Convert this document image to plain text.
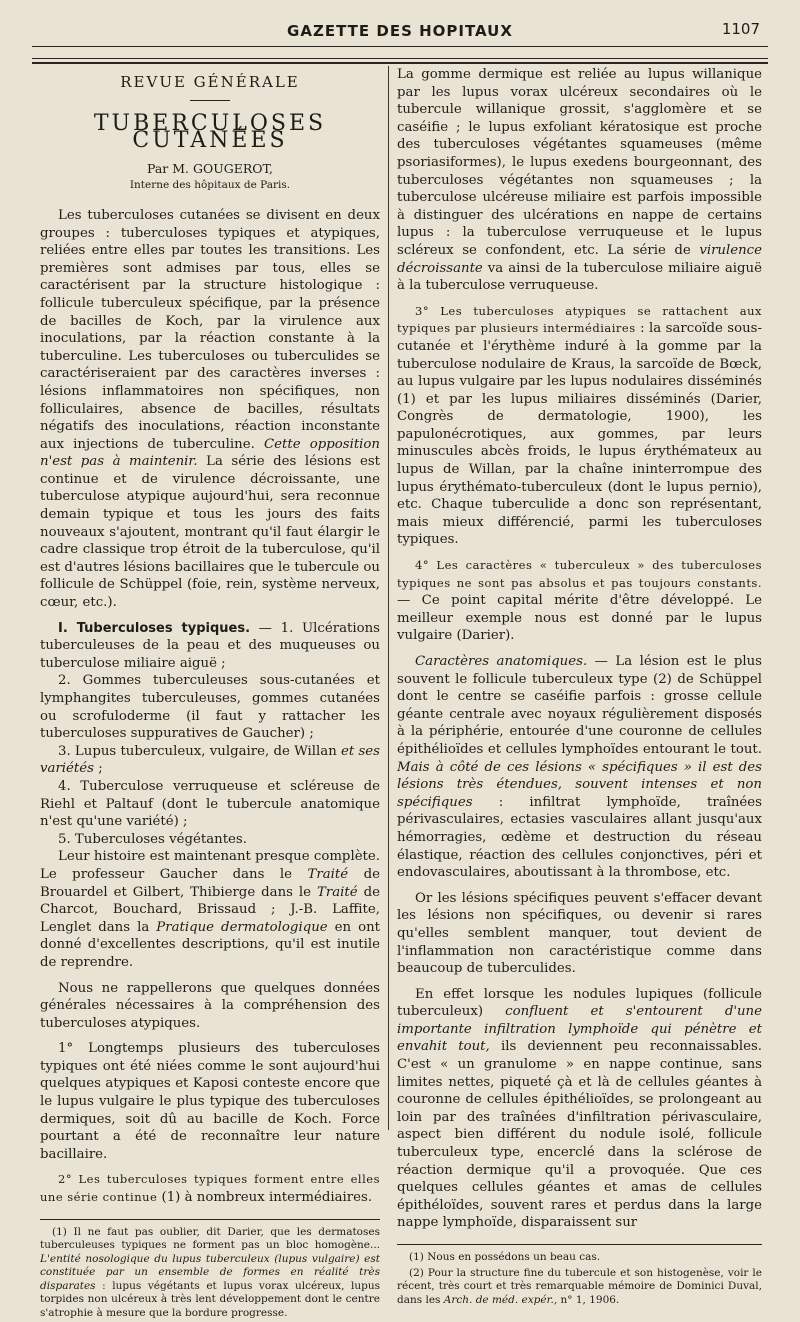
GAZETTE DES HOPITAUX	1107
REVUE GÉNÉRALE
TUBERCULOSES CUTANÉES
Par M. GOUGEROT,
Interne des hôpitaux de Paris.

Les tuberculoses cutanées se divisent en deux groupes : tuberculoses typiques et atypiques, reliées entre elles par toutes les transitions. Les premières sont admises par tous, elles se caractérisent par la structure histologique : follicule tuberculeux spécifique, par la présence de bacilles de Koch, par la virulence aux inoculations, par la réaction constante à la tuberculine. Les tuberculoses ou tuberculides se caractériseraient par des caractères inverses : lésions inflammatoires non spécifiques, non folliculaires, absence de bacilles, résultats négatifs des inoculations, réaction inconstante aux injections de tuberculine. Cette opposition n'est pas à maintenir. La série des lésions est continue et de virulence décroissante, une tuberculose atypique aujourd'hui, sera reconnue demain typique et tous les jours des faits nouveaux s'ajoutent, montrant qu'il faut élargir le cadre classique trop étroit de la tuberculose, qu'il est d'autres lésions bacillaires que le tubercule ou follicule de Schüppel (foie, rein, système nerveux, cœur, etc.).

I. Tuberculoses typiques. — 1. Ulcérations tuberculeuses de la peau et des muqueuses ou tuberculose miliaire aiguë ;

2. Gommes tuberculeuses sous-cutanées et lymphangites tuberculeuses, gommes cutanées ou scrofuloderme (il faut y rattacher les tuberculoses suppuratives de Gaucher) ;

3. Lupus tuberculeux, vulgaire, de Willan et ses variétés ;

4. Tuberculose verruqueuse et scléreuse de Riehl et Paltauf (dont le tubercule anatomique n'est qu'une variété) ;

5. Tuberculoses végétantes.

Leur histoire est maintenant presque complète. Le professeur Gaucher dans le Traité de Brouardel et Gilbert, Thibierge dans le Traité de Charcot, Bouchard, Brissaud ; J.-B. Laffite, Lenglet dans la Pratique dermatologique en ont donné d'excellentes descriptions, qu'il est inutile de reprendre.

Nous ne rappellerons que quelques données générales nécessaires à la compréhension des tuberculoses atypiques.

1° Longtemps plusieurs des tuberculoses typiques ont été niées comme le sont aujourd'hui quelques atypiques et Kaposi conteste encore que le lupus vulgaire le plus typique des tuberculoses dermiques, soit dû au bacille de Koch. Force pourtant a été de reconnaître leur nature bacillaire.

2° Les tuberculoses typiques forment entre elles une série continue (1) à nombreux intermédiaires.

(1) Il ne faut pas oublier, dit Darier, que les dermatoses tuberculeuses typiques ne forment pas un bloc homogène... L'entité nosologique du lupus tuberculeux (lupus vulgaire) est constituée par un ensemble de formes en réalité très disparates : lupus végétants et lupus vorax ulcéreux, lupus torpides non ulcéreux à très lent développement dont le centre s'atrophie à mesure que la bordure progresse.

La gomme dermique est reliée au lupus willanique par les lupus vorax ulcéreux secondaires où le tubercule willanique grossit, s'agglomère et se caséifie ; le lupus exfoliant kératosique est proche des tuberculoses végétantes squameuses (même psoriasiformes), le lupus exedens bourgeonnant, des tuberculoses végétantes non squameuses ; la tuberculose ulcéreuse miliaire est parfois impossible à distinguer des ulcérations en nappe de certains lupus : la tuberculose verruqueuse et le lupus scléreux se confondent, etc. La série de virulence décroissante va ainsi de la tuberculose miliaire aiguë à la tuberculose verruqueuse.

3° Les tuberculoses atypiques se rattachent aux typiques par plusieurs intermédiaires : la sarcoïde sous-cutanée et l'érythème induré à la gomme par la tuberculose nodulaire de Kraus, la sarcoïde de Bœck, au lupus vulgaire par les lupus nodulaires disséminés (1) et par les lupus miliaires disséminés (Darier, Congrès de dermatologie, 1900), les papulonécrotiques, aux gommes, par leurs minuscules abcès froids, le lupus érythémateux au lupus de Willan, par la chaîne ininterrompue des lupus érythémato-tuberculeux (dont le lupus pernio), etc. Chaque tuberculide a donc son représentant, mais mieux différencié, parmi les tuberculoses typiques.

4° Les caractères « tuberculeux » des tuberculoses typiques ne sont pas absolus et pas toujours constants. — Ce point capital mérite d'être développé. Le meilleur exemple nous est donné par le lupus vulgaire (Darier).

Caractères anatomiques. — La lésion est le plus souvent le follicule tuberculeux type (2) de Schüppel dont le centre se caséifie parfois : grosse cellule géante centrale avec noyaux régulièrement disposés à la périphérie, entourée d'une couronne de cellules épithélioïdes et cellules lymphoïdes entourant le tout. Mais à côté de ces lésions « spécifiques » il est des lésions très étendues, souvent intenses et non spécifiques : infiltrat lymphoïde, traînées périvasculaires, ectasies vasculaires allant jusqu'aux hémorragies, œdème et destruction du réseau élastique, réaction des cellules conjonctives, péri et endovasculaires, aboutissant à la thrombose, etc.

Or les lésions spécifiques peuvent s'effacer devant les lésions non spécifiques, ou devenir si rares qu'elles semblent manquer, tout devient de l'inflammation non caractéristique comme dans beaucoup de tuberculides.

En effet lorsque les nodules lupiques (follicule tuberculeux) confluent et s'entourent d'une importante infiltration lymphoïde qui pénètre et envahit tout, ils deviennent peu reconnaissables. C'est « un granulome » en nappe continue, sans limites nettes, piqueté çà et là de cellules géantes à couronne de cellules épithélioïdes, se prolongeant au loin par des traînées d'infiltration périvasculaire, aspect bien différent du nodule isolé, follicule tuberculeux type, encerclé dans la sclérose de réaction dermique qu'il a provoquée. Que ces quelques cellules géantes et amas de cellules épithéloïdes, souvent rares et perdus dans la large nappe lymphoïde, disparaissent sur

(1) Nous en possédons un beau cas.

(2) Pour la structure fine du tubercule et son histogenèse, voir le récent, très court et très remarquable mémoire de Dominici Duval, dans les Arch. de méd. expér., n° 1, 1906.
